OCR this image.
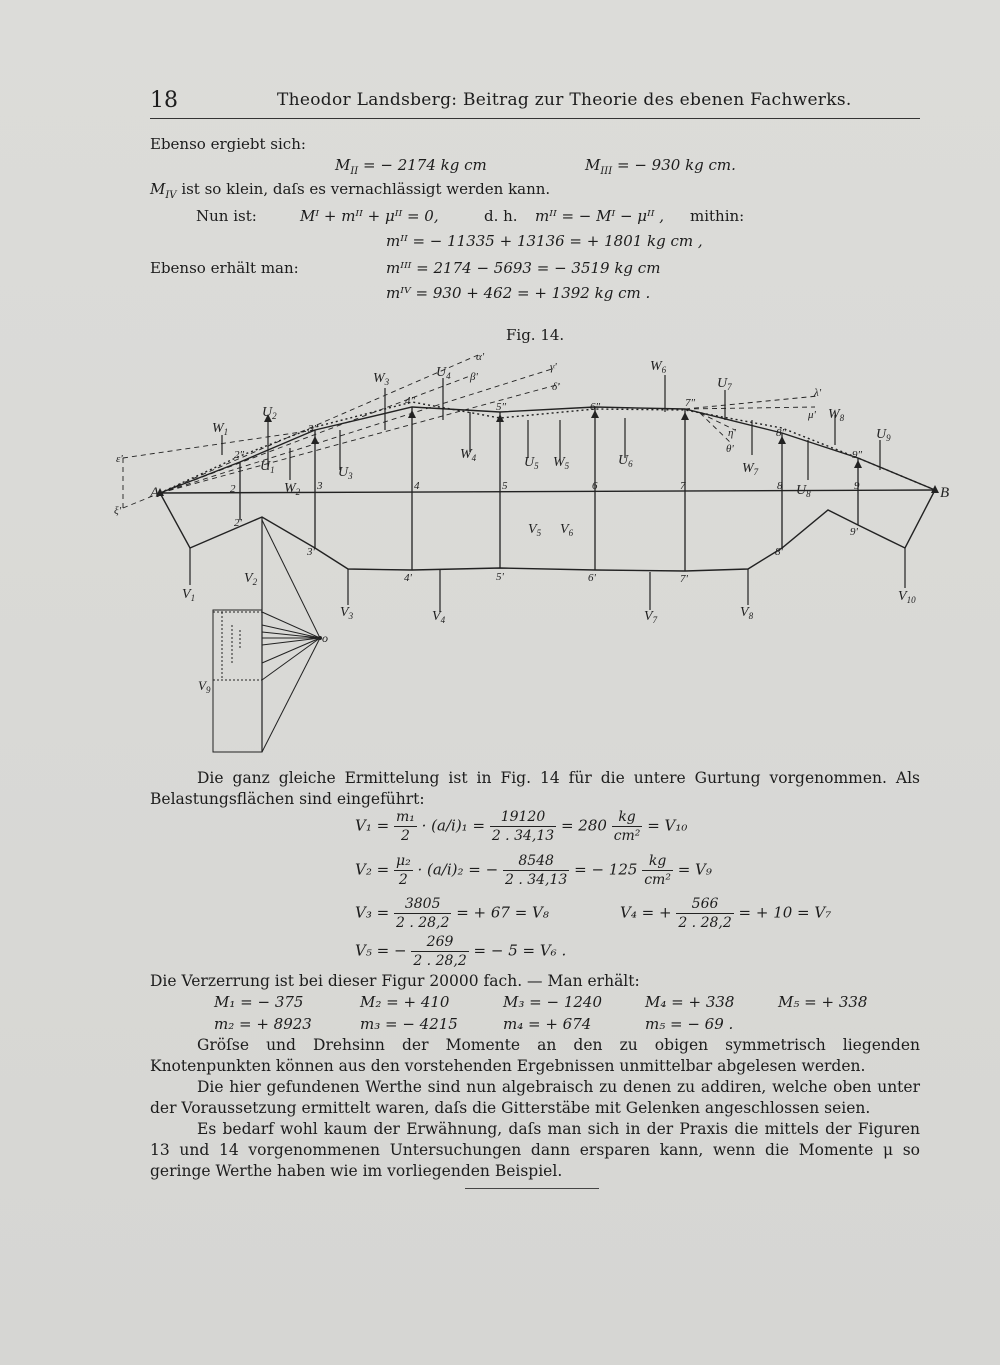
18	Theodor Landsberg: Beitrag zur Theorie des ebenen Fachwerks.
Ebenso ergiebt sich:
$M_{II}$ = − 2174 kg cm	$M_{III}$ = − 930 kg cm.
$M_{IV}$ ist so klein, daſs es vernachlässigt werden kann.
Nun ist:	Mᴵ + mᴵᴵ + μᴵᴵ = 0,	d. h. mᴵᴵ = − Mᴵ − μᴵᴵ , mithin:
mᴵᴵ = − 11335 + 13136 = + 1801 kg cm ,
Ebenso erhält man:	mᴵᴵᴵ = 2174 − 5693 = − 3519 kg cm
mᴵⱽ = 930 + 462 = + 1392 kg cm .
Fig. 14.
A	B
o
α'
β'
γ'
δ'
ε'
ξ'
λ'
μ'
η'
θ'
2″
3″
4″	5″	6″	7″
8″
9″
2	3	4	5	6	7	8	9
2'
3'
4'	5'	6'	7'
8'
9'
$W_1$
$W_2$
$W_3$
$W_4$	$W_5$
$W_6$
$W_7$
$W_8$
$U_1$
$U_2$
$U_3$
$U_4$
$U_5$	$U_6$
$U_7$
$U_8$
$U_9$
$V_1$
$V_2$
$V_3$	$V_4$
$V_5$ $V_6$
$V_7$	$V_8$
$V_9$
$V_{10}$
Die ganz gleiche Ermittelung ist in Fig. 14 für die untere Gurtung vorgenommen. Als Belastungsflächen sind eingeführt:
$V_1 = \frac{\text{m₁}}{2} \cdot (a/i)_1 = \frac{19120}{2 . 34,13} = 280 \frac{kg}{\text{cm²}} = V_{10}$
$V_2 = \frac{\text{μ₂}}{2} \cdot (a/i)_2$ = − $\frac{8548}{2 . 34,13}$ = − $125 \frac{kg}{\text{cm²}} = V_9$
$V_3 = \frac{3805}{2 . 28,2}$ = + 67 = V₈	V₄ = + $\frac{566}{2 . 28,2}$ = + 10 = V₇
V₅ = − $\frac{269}{2 . 28,2}$ = − 5 = V₆ .
Die Verzerrung ist bei dieser Figur 20000 fach. — Man erhält:
M₁ = − 375	M₂ = + 410	M₃ = − 1240	M₄ = + 338	M₅ = + 338
m₂ = + 8923	m₃ = − 4215	m₄ = + 674	m₅ = − 69 .
Gröſse und Drehsinn der Momente an den zu obigen symmetrisch liegenden Knotenpunkten können aus den vorstehenden Ergebnissen unmittelbar abgelesen werden.
Die hier gefundenen Werthe sind nun algebraisch zu denen zu addiren, welche oben unter der Voraussetzung ermittelt waren, daſs die Gitterstäbe mit Gelenken angeschlossen seien.
Es bedarf wohl kaum der Erwähnung, daſs man sich in der Praxis die mittels der Figuren 13 und 14 vorgenommenen Untersuchungen dann ersparen kann, wenn die Momente μ so geringe Werthe haben wie im vorliegenden Beispiel.
